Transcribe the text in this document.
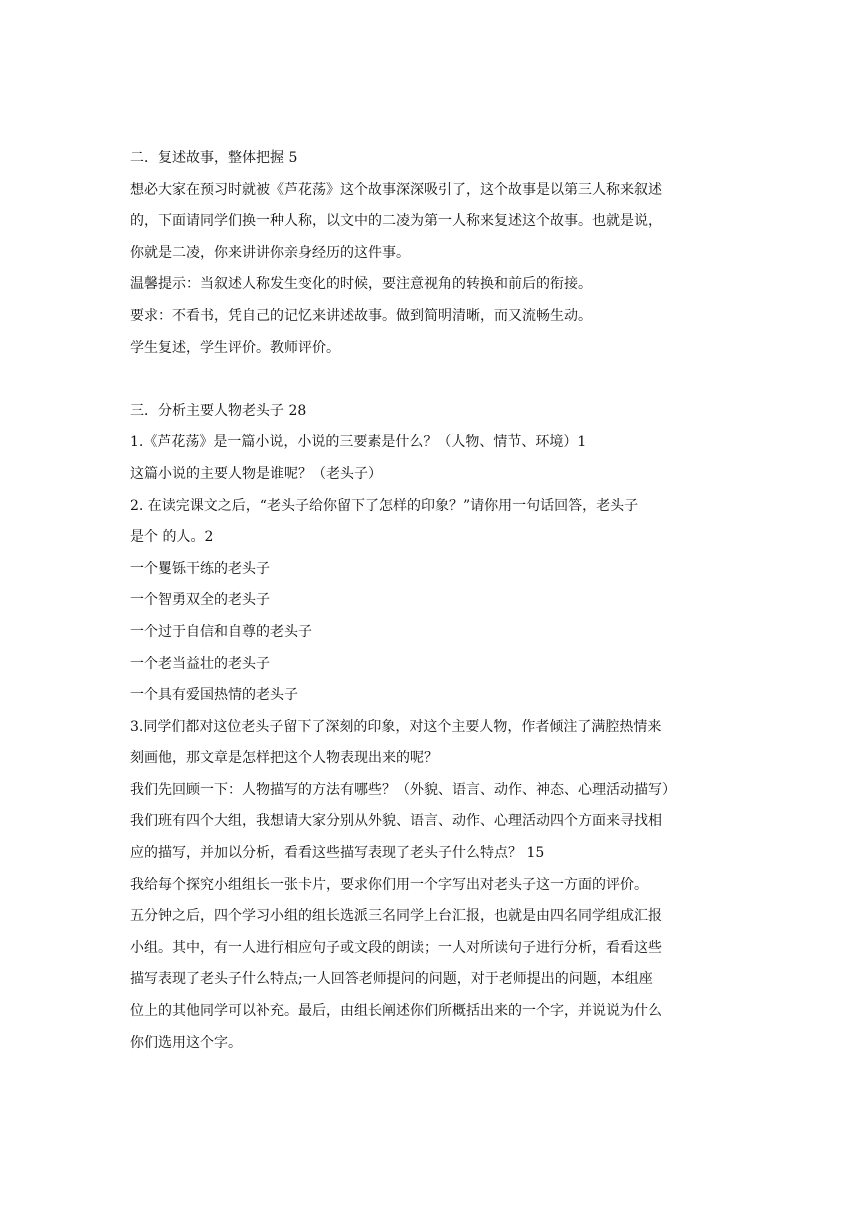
二．复述故事，整体把握 5
想必大家在预习时就被《芦花荡》这个故事深深吸引了，这个故事是以第三人称来叙述
的，下面请同学们换一种人称，以文中的二凌为第一人称来复述这个故事。也就是说，
你就是二凌，你来讲讲你亲身经历的这件事。
温馨提示：当叙述人称发生变化的时候，要注意视角的转换和前后的衔接。
要求：不看书，凭自己的记忆来讲述故事。做到简明清晰，而又流畅生动。
学生复述，学生评价。教师评价。
三．分析主要人物老头子 28
1.《芦花荡》是一篇小说，小说的三要素是什么？（人物、情节、环境）1
这篇小说的主要人物是谁呢？（老头子）
2. 在读完课文之后，“老头子给你留下了怎样的印象？”请你用一句话回答，老头子
是个 的人。2
一个矍铄干练的老头子
一个智勇双全的老头子
一个过于自信和自尊的老头子
一个老当益壮的老头子
一个具有爱国热情的老头子
3.同学们都对这位老头子留下了深刻的印象，对这个主要人物，作者倾注了满腔热情来
刻画他，那文章是怎样把这个人物表现出来的呢？
我们先回顾一下：人物描写的方法有哪些？（外貌、语言、动作、神态、心理活动描写）
我们班有四个大组，我想请大家分别从外貌、语言、动作、心理活动四个方面来寻找相
应的描写，并加以分析，看看这些描写表现了老头子什么特点？ 15
我给每个探究小组组长一张卡片，要求你们用一个字写出对老头子这一方面的评价。
五分钟之后，四个学习小组的组长选派三名同学上台汇报，也就是由四名同学组成汇报
小组。其中，有一人进行相应句子或文段的朗读；一人对所读句子进行分析，看看这些
描写表现了老头子什么特点;一人回答老师提问的问题，对于老师提出的问题，本组座
位上的其他同学可以补充。最后，由组长阐述你们所概括出来的一个字，并说说为什么
你们选用这个字。
